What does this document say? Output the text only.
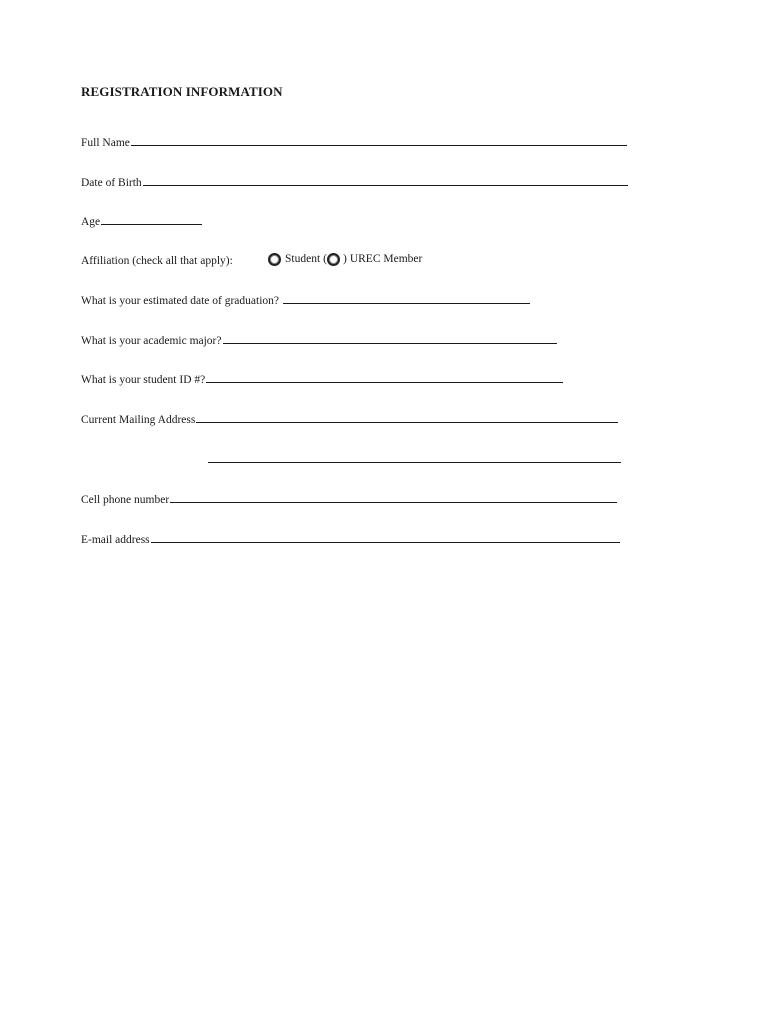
REGISTRATION INFORMATION
Full Name
Date of Birth
Age
Affiliation (check all that apply):	Student ( ) UREC Member
What is your estimated date of graduation?
What is your academic major?
What is your student ID #?
Current Mailing Address
Cell phone number
E-mail address
